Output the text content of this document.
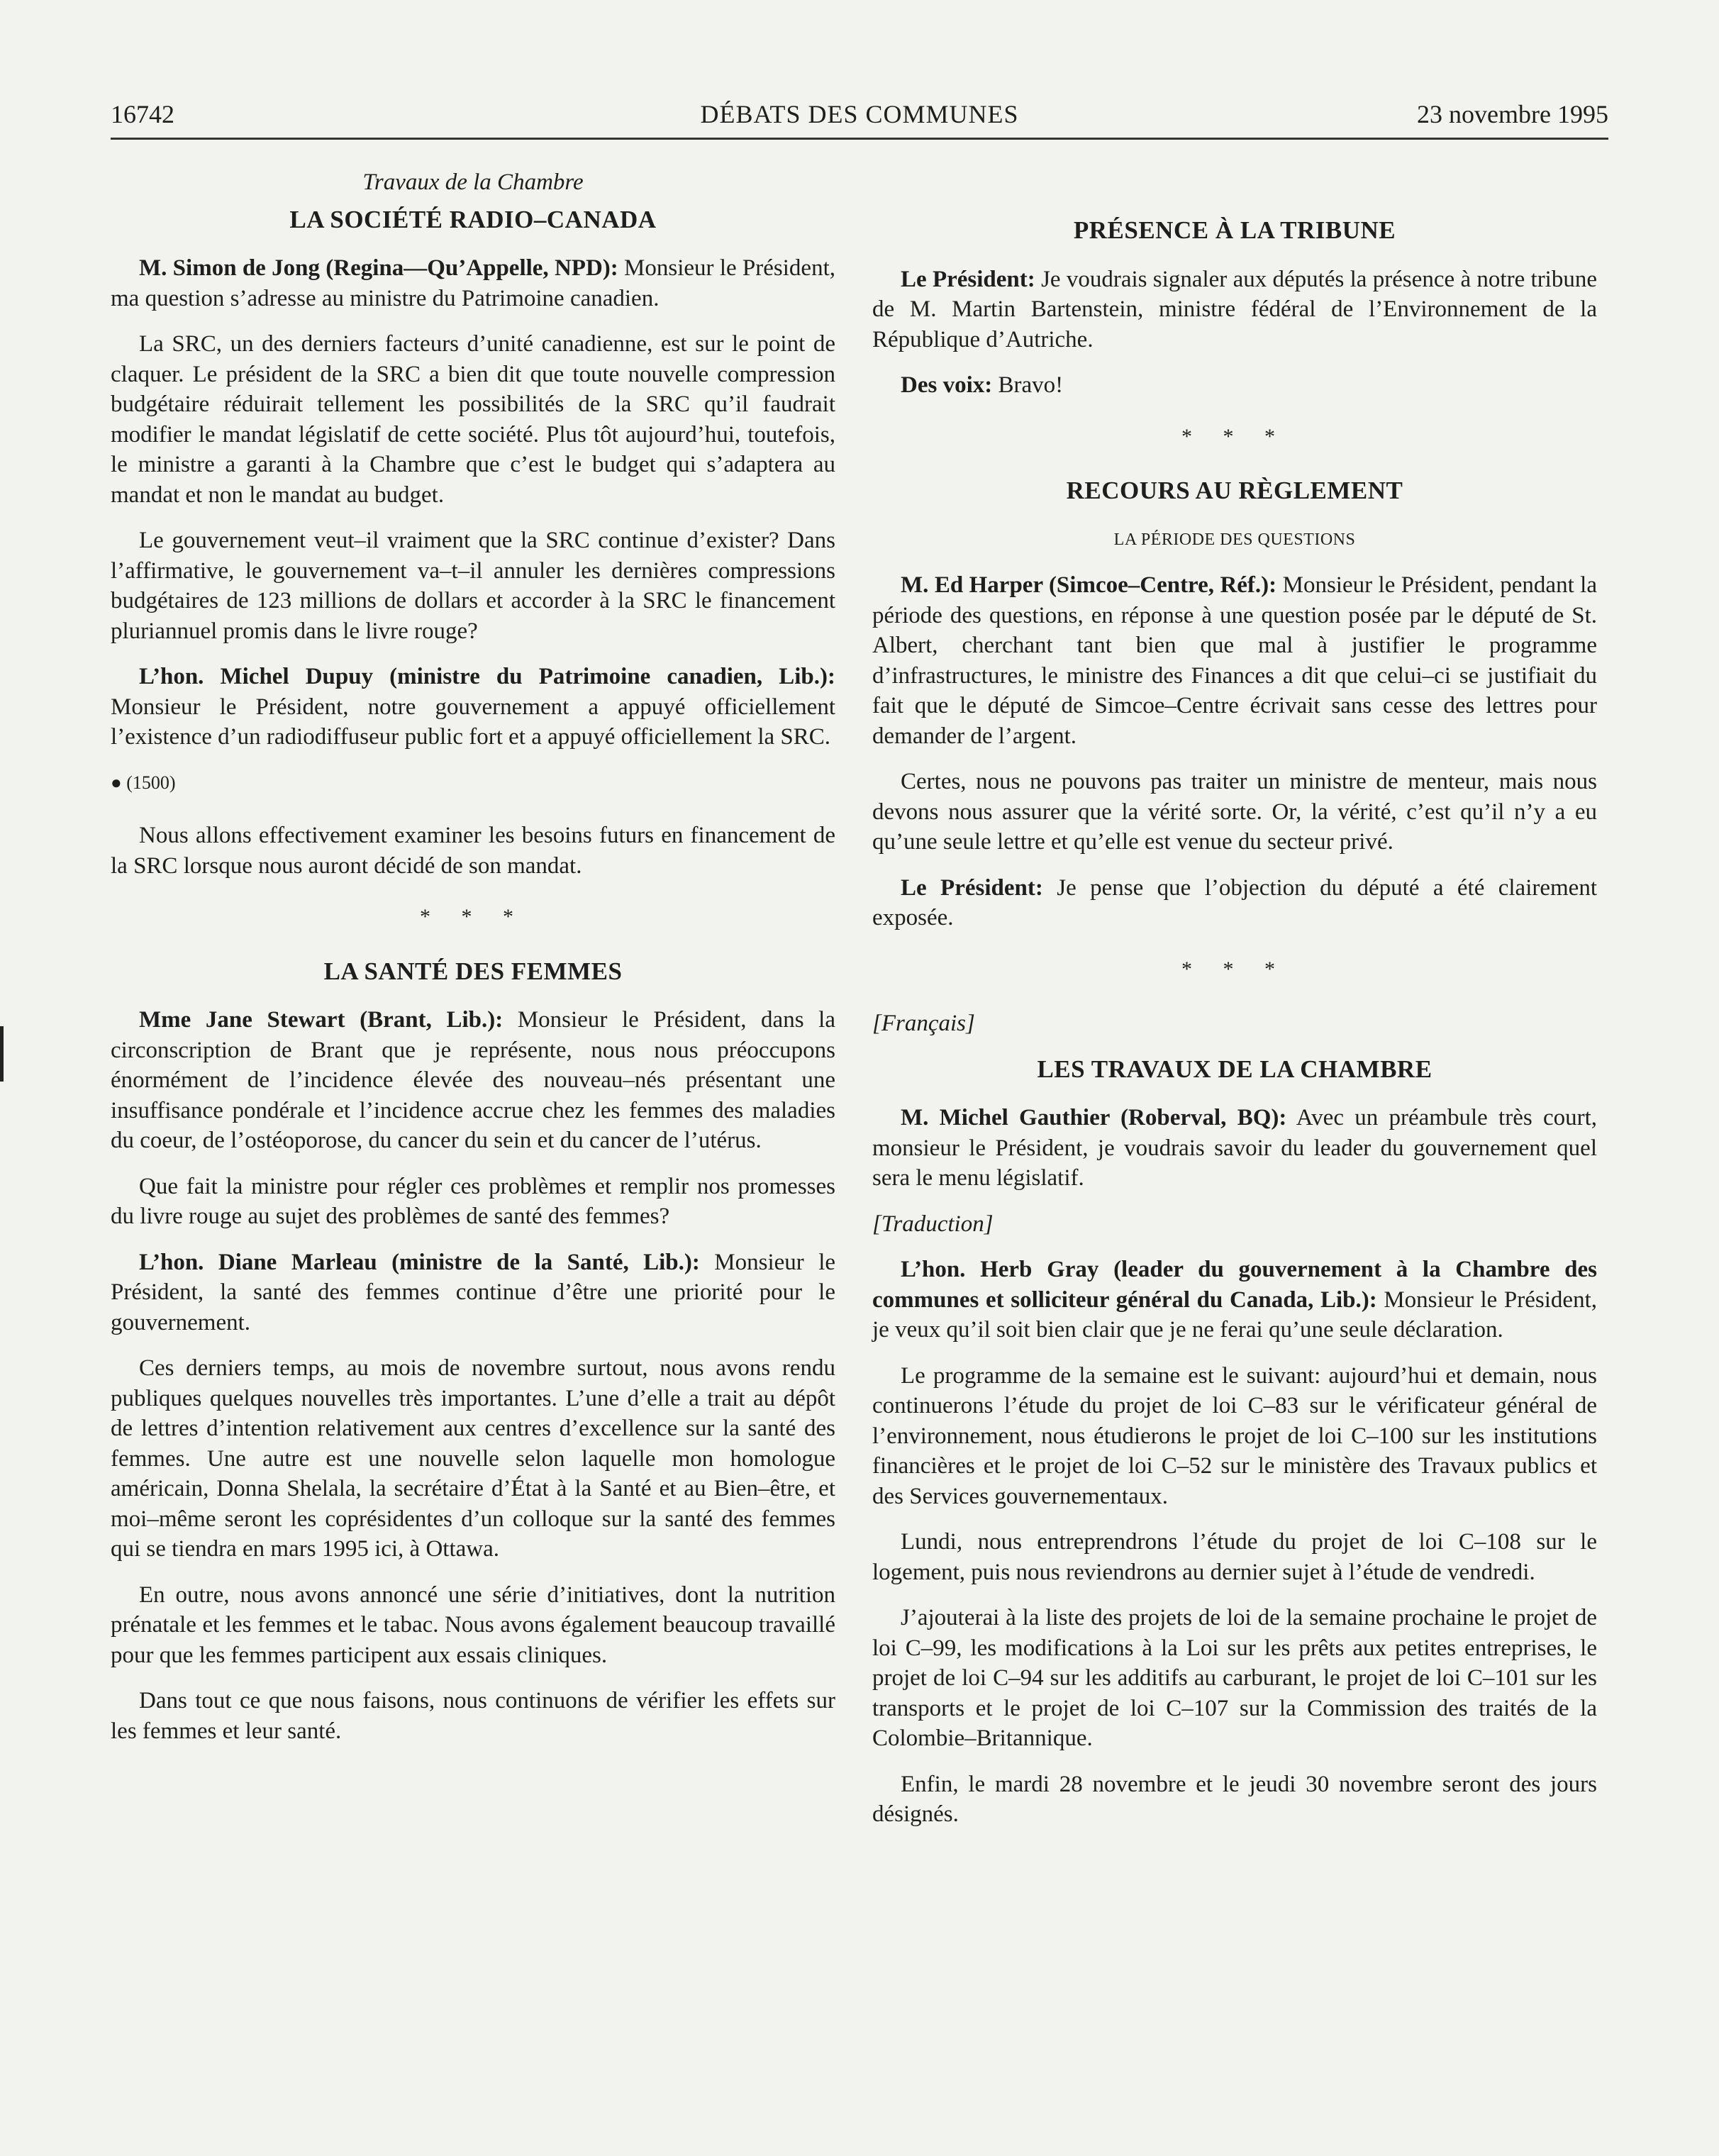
16742	DÉBATS DES COMMUNES	23 novembre 1995
Travaux de la Chambre
LA SOCIÉTÉ RADIO–CANADA

M. Simon de Jong (Regina—Qu’Appelle, NPD): Monsieur le Président, ma question s’adresse au ministre du Patrimoine canadien.

La SRC, un des derniers facteurs d’unité canadienne, est sur le point de claquer. Le président de la SRC a bien dit que toute nouvelle compression budgétaire réduirait tellement les possibilités de la SRC qu’il faudrait modifier le mandat législatif de cette société. Plus tôt aujourd’hui, toutefois, le ministre a garanti à la Chambre que c’est le budget qui s’adaptera au mandat et non le mandat au budget.

Le gouvernement veut–il vraiment que la SRC continue d’exister? Dans l’affirmative, le gouvernement va–t–il annuler les dernières compressions budgétaires de 123 millions de dollars et accorder à la SRC le financement pluriannuel promis dans le livre rouge?

L’hon. Michel Dupuy (ministre du Patrimoine canadien, Lib.): Monsieur le Président, notre gouvernement a appuyé officiellement l’existence d’un radiodiffuseur public fort et a appuyé officiellement la SRC.

● (1500)

Nous allons effectivement examiner les besoins futurs en financement de la SRC lorsque nous auront décidé de son mandat.

* * *
LA SANTÉ DES FEMMES

Mme Jane Stewart (Brant, Lib.): Monsieur le Président, dans la circonscription de Brant que je représente, nous nous préoccupons énormément de l’incidence élevée des nouveau–nés présentant une insuffisance pondérale et l’incidence accrue chez les femmes des maladies du coeur, de l’ostéoporose, du cancer du sein et du cancer de l’utérus.

Que fait la ministre pour régler ces problèmes et remplir nos promesses du livre rouge au sujet des problèmes de santé des femmes?

L’hon. Diane Marleau (ministre de la Santé, Lib.): Monsieur le Président, la santé des femmes continue d’être une priorité pour le gouvernement.

Ces derniers temps, au mois de novembre surtout, nous avons rendu publiques quelques nouvelles très importantes. L’une d’elle a trait au dépôt de lettres d’intention relativement aux centres d’excellence sur la santé des femmes. Une autre est une nouvelle selon laquelle mon homologue américain, Donna Shelala, la secrétaire d’État à la Santé et au Bien–être, et moi–même seront les coprésidentes d’un colloque sur la santé des femmes qui se tiendra en mars 1995 ici, à Ottawa.

En outre, nous avons annoncé une série d’initiatives, dont la nutrition prénatale et les femmes et le tabac. Nous avons également beaucoup travaillé pour que les femmes participent aux essais cliniques.

Dans tout ce que nous faisons, nous continuons de vérifier les effets sur les femmes et leur santé.

PRÉSENCE À LA TRIBUNE

Le Président: Je voudrais signaler aux députés la présence à notre tribune de M. Martin Bartenstein, ministre fédéral de l’Environnement de la République d’Autriche.

Des voix: Bravo!

* * *
RECOURS AU RÈGLEMENT
LA PÉRIODE DES QUESTIONS

M. Ed Harper (Simcoe–Centre, Réf.): Monsieur le Président, pendant la période des questions, en réponse à une question posée par le député de St. Albert, cherchant tant bien que mal à justifier le programme d’infrastructures, le ministre des Finances a dit que celui–ci se justifiait du fait que le député de Simcoe–Centre écrivait sans cesse des lettres pour demander de l’argent.

Certes, nous ne pouvons pas traiter un ministre de menteur, mais nous devons nous assurer que la vérité sorte. Or, la vérité, c’est qu’il n’y a eu qu’une seule lettre et qu’elle est venue du secteur privé.

Le Président: Je pense que l’objection du député a été clairement exposée.

* * *
[Français]
LES TRAVAUX DE LA CHAMBRE

M. Michel Gauthier (Roberval, BQ): Avec un préambule très court, monsieur le Président, je voudrais savoir du leader du gouvernement quel sera le menu législatif.

[Traduction]

L’hon. Herb Gray (leader du gouvernement à la Chambre des communes et solliciteur général du Canada, Lib.): Monsieur le Président, je veux qu’il soit bien clair que je ne ferai qu’une seule déclaration.

Le programme de la semaine est le suivant: aujourd’hui et demain, nous continuerons l’étude du projet de loi C–83 sur le vérificateur général de l’environnement, nous étudierons le projet de loi C–100 sur les institutions financières et le projet de loi C–52 sur le ministère des Travaux publics et des Services gouvernementaux.

Lundi, nous entreprendrons l’étude du projet de loi C–108 sur le logement, puis nous reviendrons au dernier sujet à l’étude de vendredi.

J’ajouterai à la liste des projets de loi de la semaine prochaine le projet de loi C–99, les modifications à la Loi sur les prêts aux petites entreprises, le projet de loi C–94 sur les additifs au carburant, le projet de loi C–101 sur les transports et le projet de loi C–107 sur la Commission des traités de la Colombie–Britannique.

Enfin, le mardi 28 novembre et le jeudi 30 novembre seront des jours désignés.
